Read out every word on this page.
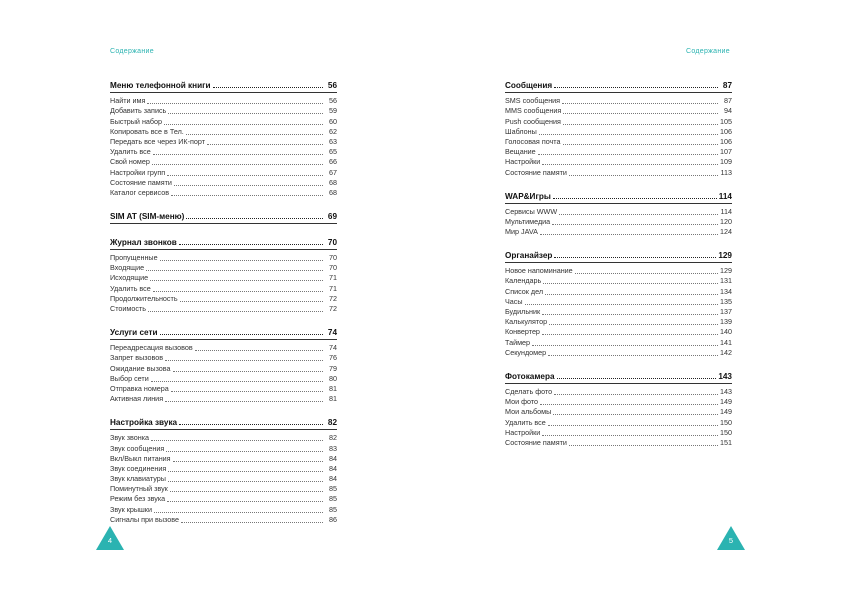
Содержание	Содержание
Меню телефонной книги	56
Найти имя	56
Добавить запись	59
Быстрый набор	60
Копировать все в Тел.	62
Передать все через ИК-порт	63
Удалить все	65
Свой номер	66
Настройки групп	67
Состояние памяти	68
Каталог сервисов	68
SIM AT (SIM-меню)	69
Журнал звонков	70
Пропущенные	70
Входящие	70
Исходящие	71
Удалить все	71
Продолжительность	72
Стоимость	72
Услуги сети	74
Переадресация вызовов	74
Запрет вызовов	76
Ожидание вызова	79
Выбор сети	80
Отправка номера	81
Активная линия	81
Настройка звука	82
Звук звонка	82
Звук сообщения	83
Вкл/Выкл питания	84
Звук соединения	84
Звук клавиатуры	84
Поминутный звук	85
Режим без звука	85
Звук крышки	85
Сигналы при вызове	86
Сообщения	87
SMS сообщения	87
MMS сообщения	94
Push сообщения	105
Шаблоны	106
Голосовая почта	106
Вещание	107
Настройки	109
Состояние памяти	113
WAP&Игры	114
Сервисы WWW	114
Мультимедиа	120
Мир JAVA	124
Органайзер	129
Новое напоминание	129
Календарь	131
Список дел	134
Часы	135
Будильник	137
Калькулятор	139
Конвертер	140
Таймер	141
Секундомер	142
Фотокамера	143
Сделать фото	143
Мои фото	149
Мои альбомы	149
Удалить все	150
Настройки	150
Состояние памяти	151
4	5
